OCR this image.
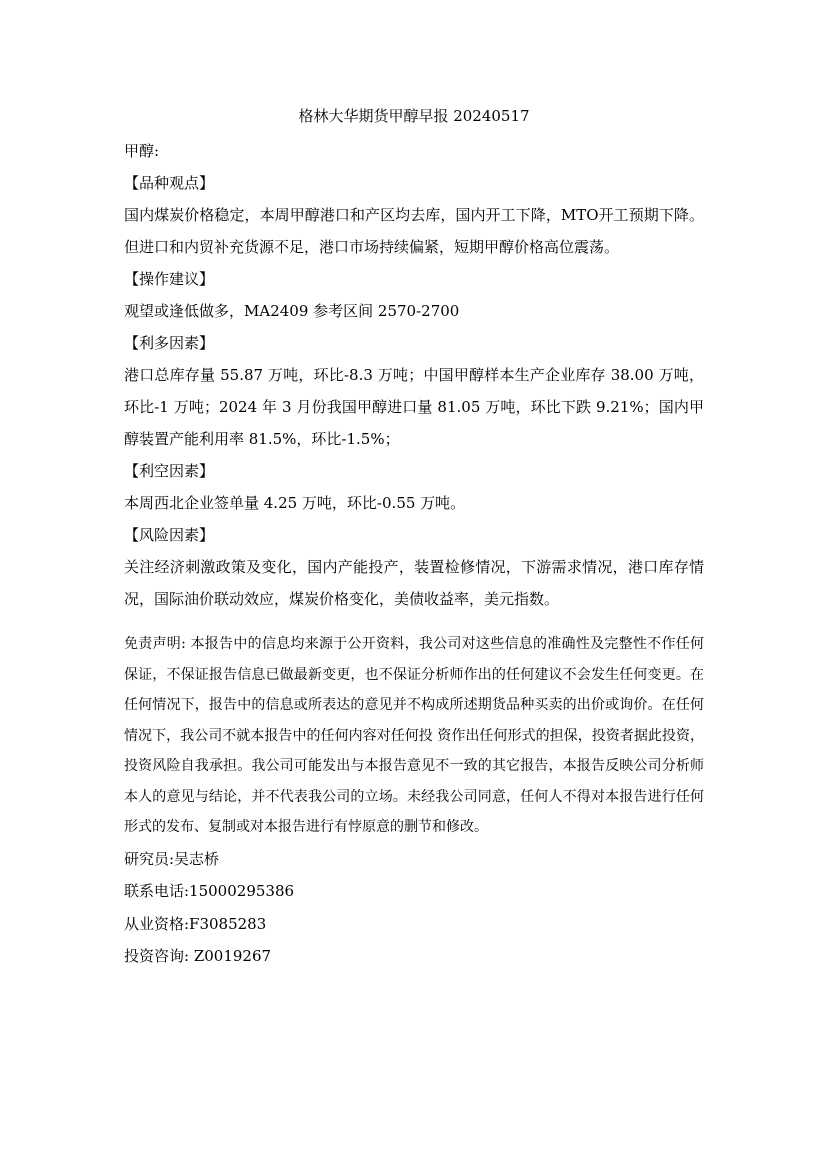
格林大华期货甲醇早报 20240517

甲醇:

【品种观点】

国内煤炭价格稳定，本周甲醇港口和产区均去库，国内开工下降，MTO开工预期下降。但进口和内贸补充货源不足，港口市场持续偏紧，短期甲醇价格高位震荡。

【操作建议】

观望或逢低做多，MA2409 参考区间 2570-2700

【利多因素】

港口总库存量 55.87 万吨，环比-8.3 万吨；中国甲醇样本生产企业库存 38.00 万吨，环比-1 万吨；2024 年 3 月份我国甲醇进口量 81.05 万吨，环比下跌 9.21%；国内甲醇装置产能利用率 81.5%，环比-1.5%；

【利空因素】

本周西北企业签单量 4.25 万吨，环比-0.55 万吨。

【风险因素】

关注经济刺激政策及变化，国内产能投产，装置检修情况，下游需求情况，港口库存情况，国际油价联动效应，煤炭价格变化，美债收益率，美元指数。

免责声明: 本报告中的信息均来源于公开资料，我公司对这些信息的准确性及完整性不作任何保证，不保证报告信息已做最新变更，也不保证分析师作出的任何建议不会发生任何变更。在任何情况下，报告中的信息或所表达的意见并不构成所述期货品种买卖的出价或询价。在任何情况下，我公司不就本报告中的任何内容对任何投 资作出任何形式的担保，投资者据此投资，投资风险自我承担。我公司可能发出与本报告意见不一致的其它报告，本报告反映公司分析师本人的意见与结论，并不代表我公司的立场。未经我公司同意，任何人不得对本报告进行任何形式的发布、复制或对本报告进行有悖原意的删节和修改。

研究员:吴志桥

联系电话:15000295386

从业资格:F3085283

投资咨询: Z0019267
